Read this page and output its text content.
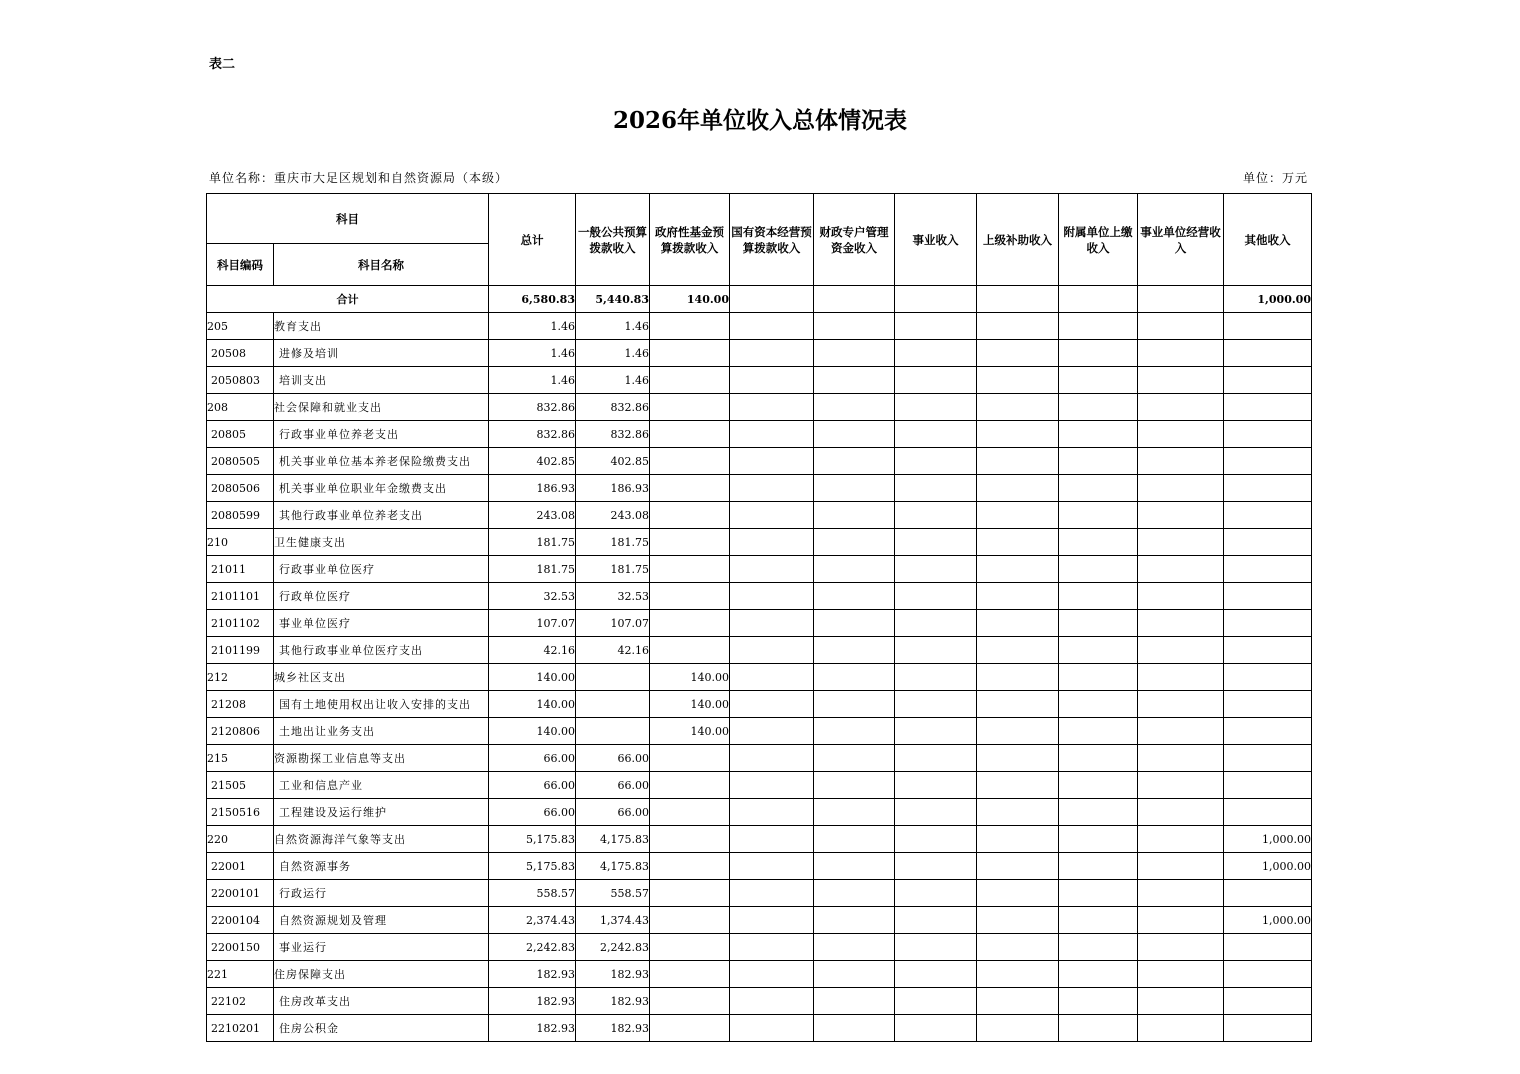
表二
2026年单位收入总体情况表
单位名称：重庆市大足区规划和自然资源局（本级）	单位：万元
科目		总计	一般公共预算拨款收入	政府性基金预算拨款收入	国有资本经营预算拨款收入	财政专户管理资金收入	事业收入	上级补助收入	附属单位上缴收入	事业单位经营收入	其他收入
科目编码	科目名称										
合计		6,580.83	5,440.83	140.00							1,000.00
205	教育支出	1.46	1.46								
20508	进修及培训	1.46	1.46								
2050803	培训支出	1.46	1.46								
208	社会保障和就业支出	832.86	832.86								
20805	行政事业单位养老支出	832.86	832.86								
2080505	机关事业单位基本养老保险缴费支出	402.85	402.85								
2080506	机关事业单位职业年金缴费支出	186.93	186.93								
2080599	其他行政事业单位养老支出	243.08	243.08								
210	卫生健康支出	181.75	181.75								
21011	行政事业单位医疗	181.75	181.75								
2101101	行政单位医疗	32.53	32.53								
2101102	事业单位医疗	107.07	107.07								
2101199	其他行政事业单位医疗支出	42.16	42.16								
212	城乡社区支出	140.00		140.00							
21208	国有土地使用权出让收入安排的支出	140.00		140.00							
2120806	土地出让业务支出	140.00		140.00							
215	资源勘探工业信息等支出	66.00	66.00								
21505	工业和信息产业	66.00	66.00								
2150516	工程建设及运行维护	66.00	66.00								
220	自然资源海洋气象等支出	5,175.83	4,175.83								1,000.00
22001	自然资源事务	5,175.83	4,175.83								1,000.00
2200101	行政运行	558.57	558.57								
2200104	自然资源规划及管理	2,374.43	1,374.43								1,000.00
2200150	事业运行	2,242.83	2,242.83								
221	住房保障支出	182.93	182.93								
22102	住房改革支出	182.93	182.93								
2210201	住房公积金	182.93	182.93								
